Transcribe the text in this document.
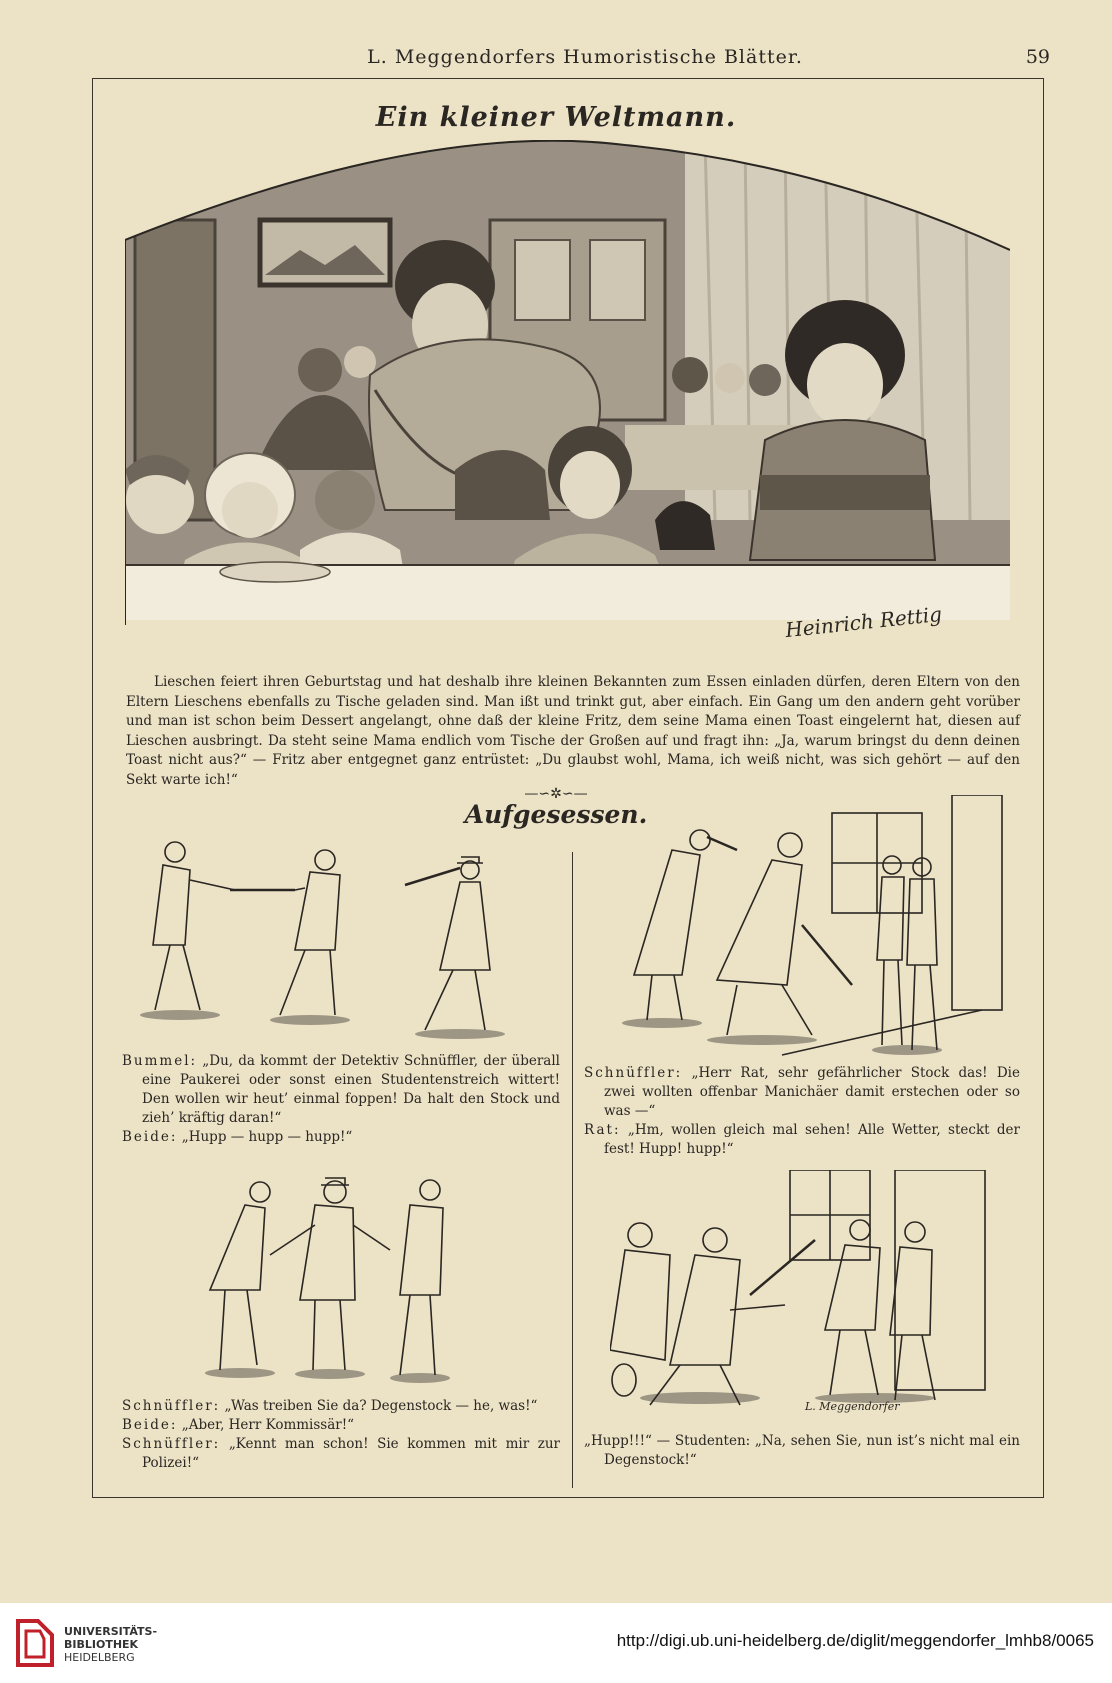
L. Meggendorfers Humoristische Blätter.	59
Ein kleiner Weltmann.
Heinrich Rettig
Lieschen feiert ihren Geburtstag und hat deshalb ihre kleinen Bekannten zum Essen einladen dürfen, deren Eltern von den Eltern Lieschens ebenfalls zu Tische geladen sind. Man ißt und trinkt gut, aber einfach. Ein Gang um den andern geht vorüber und man ist schon beim Dessert angelangt, ohne daß der kleine Fritz, dem seine Mama einen Toast eingelernt hat, diesen auf Lieschen ausbringt. Da steht seine Mama endlich vom Tische der Großen auf und fragt ihn: „Ja, warum bringst du denn deinen Toast nicht aus?“ — Fritz aber entgegnet ganz entrüstet: „Du glaubst wohl, Mama, ich weiß nicht, was sich gehört — auf den Sekt warte ich!“
—∽✲∽—
Aufgesessen.

Bummel: „Du, da kommt der Detektiv Schnüffler, der überall eine Paukerei oder sonst einen Studentenstreich wittert! Den wollen wir heut’ einmal foppen! Da halt den Stock und zieh’ kräftig daran!“

Beide: „Hupp — hupp — hupp!“

Schnüffler: „Herr Rat, sehr gefährlicher Stock das! Die zwei wollten offenbar Manichäer damit erstechen oder so was —“

Rat: „Hm, wollen gleich mal sehen! Alle Wetter, steckt der fest! Hupp! hupp!“

L. Meggendorfer

Schnüffler: „Was treiben Sie da? Degenstock — he, was!“

Beide: „Aber, Herr Kommissär!“

Schnüffler: „Kennt man schon! Sie kommen mit mir zur Polizei!“

„Hupp!!!“ — Studenten: „Na, sehen Sie, nun ist’s nicht mal ein Degenstock!“

UNIVERSITÄTS-
BIBLIOTHEK
HEIDELBERG
http://digi.ub.uni-heidelberg.de/diglit/meggendorfer_lmhb8/0065
